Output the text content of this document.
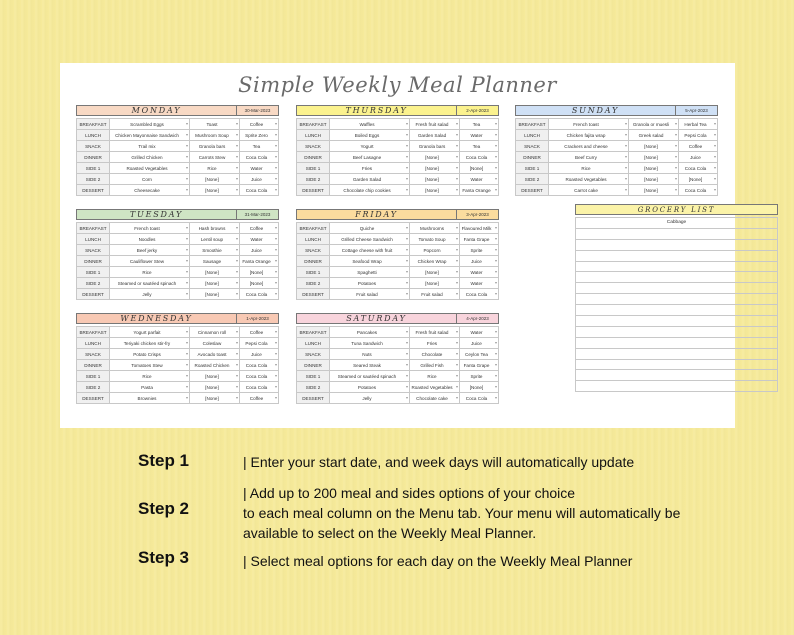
Simple Weekly Meal Planner
MONDAY	30-Mar-2023
BREAKFAST	Scrambled Eggs ▾	Toast ▾	Coffee ▾
LUNCH	Chicken Mayonnaise Sandwich ▾	Mushroom Soup ▾	Sprite Zero ▾
SNACK	Trail mix ▾	Granola bars ▾	Tea ▾
DINNER	Grilled Chicken ▾	Carrots Stew ▾	Coca Cola ▾
SIDE 1	Roasted Vegetables ▾	Rice ▾	Water ▾
SIDE 2	Corn ▾	[None] ▾	Juice ▾
DESSERT	Cheesecake ▾	[None] ▾	Coca Cola ▾
THURSDAY	2-Apr-2023
BREAKFAST	Waffles ▾	Fresh fruit salad ▾	Tea ▾
LUNCH	Boiled Eggs ▾	Garden Salad ▾	Water ▾
SNACK	Yogurt ▾	Granola bars ▾	Tea ▾
DINNER	Beef Lasagne ▾	[None] ▾	Coca Cola ▾
SIDE 1	Fries ▾	[None] ▾	[None] ▾
SIDE 2	Garden Salad ▾	[None] ▾	Water ▾
DESSERT	Chocolate chip cookies ▾	[None] ▾	Fanta Orange ▾
SUNDAY	5-Apr-2023
BREAKFAST	French toast ▾	Granola or muesli ▾	Herbal Tea ▾
LUNCH	Chicken fajita wrap ▾	Greek salad ▾	Pepsi Cola ▾
SNACK	Crackers and cheese ▾	[None] ▾	Coffee ▾
DINNER	Beef Curry ▾	[None] ▾	Juice ▾
SIDE 1	Rice ▾	[None] ▾	Coca Cola ▾
SIDE 2	Roasted Vegetables ▾	[None] ▾	[None] ▾
DESSERT	Carrot cake ▾	[None] ▾	Coca Cola ▾
TUESDAY	31-Mar-2023
BREAKFAST	French toast ▾	Hash browns ▾	Coffee ▾
LUNCH	Noodles ▾	Lentil soup ▾	Water ▾
SNACK	Beef jerky ▾	Smoothie ▾	Juice ▾
DINNER	Cauliflower Stew ▾	Sausage ▾	Fanta Orange ▾
SIDE 1	Rice ▾	[None] ▾	[None] ▾
SIDE 2	Steamed or sautéed spinach ▾	[None] ▾	[None] ▾
DESSERT	Jelly ▾	[None] ▾	Coca Cola ▾
FRIDAY	3-Apr-2023
BREAKFAST	Quiche ▾	Mushrooms ▾	Flavoured Milk ▾
LUNCH	Grilled Cheese Sandwich ▾	Tomato Soup ▾	Fanta Grape ▾
SNACK	Cottage cheese with fruit ▾	Popcorn ▾	Sprite ▾
DINNER	Seafood Wrap ▾	Chicken Wrap ▾	Juice ▾
SIDE 1	Spaghetti ▾	[None] ▾	Water ▾
SIDE 2	Potatoes ▾	[None] ▾	Water ▾
DESSERT	Fruit salad ▾	Fruit salad ▾	Coca Cola ▾
WEDNESDAY	1-Apr-2023
BREAKFAST	Yogurt parfait ▾	Cinnamon roll ▾	Coffee ▾
LUNCH	Teriyaki chicken stir-fry ▾	Coleslaw ▾	Pepsi Cola ▾
SNACK	Potato Crisps ▾	Avocado toast ▾	Juice ▾
DINNER	Tomatoes Stew ▾	Roasted Chicken ▾	Coca Cola ▾
SIDE 1	Rice ▾	[None] ▾	Coca Cola ▾
SIDE 2	Pasta ▾	[None] ▾	Coca Cola ▾
DESSERT	Brownies ▾	[None] ▾	Coffee ▾
SATURDAY	4-Apr-2023
BREAKFAST	Pancakes ▾	Fresh fruit salad ▾	Water ▾
LUNCH	Tuna Sandwich ▾	Fries ▾	Juice ▾
SNACK	Nuts ▾	Chocolate ▾	Ceylon Tea ▾
DINNER	Seared Steak ▾	Grilled Fish ▾	Fanta Grape ▾
SIDE 1	Steamed or sautéed spinach ▾	Rice ▾	Sprite ▾
SIDE 2	Potatoes ▾	Roasted Vegetables ▾	[None] ▾
DESSERT	Jelly ▾	Chocolate cake ▾	Coca Cola ▾
GROCERY LIST
Cabbage
Step 1	| Enter your start date, and week days will automatically update
Step 2
| Add up to 200 meal and sides options of your choice
to each meal column on the Menu tab. Your menu will automatically be available to select on the Weekly Meal Planner.
Step 3	| Select meal options for each day on the Weekly Meal Planner
